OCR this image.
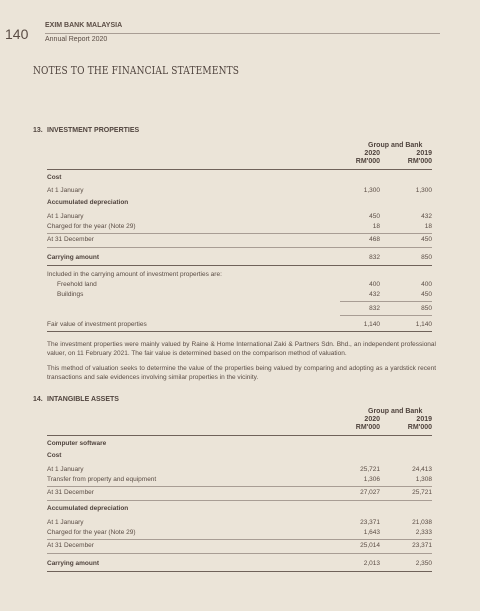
140
EXIM BANK MALAYSIA
Annual Report 2020
NOTES TO THE FINANCIAL STATEMENTS
13. INVESTMENT PROPERTIES
Group and Bank
2020	2019
RM'000	RM'000
Cost
At 1 January	1,300	1,300
Accumulated depreciation
At 1 January	450	432
Charged for the year (Note 29)	18	18
At 31 December	468	450
Carrying amount	832	850
Included in the carrying amount of investment properties are:
Freehold land	400	400
Buildings	432	450
832	850
Fair value of investment properties	1,140	1,140
The investment properties were mainly valued by Raine & Home International Zaki & Partners Sdn. Bhd., an independent professional valuer, on 11 February 2021. The fair value is determined based on the comparison method of valuation.
This method of valuation seeks to determine the value of the properties being valued by comparing and adopting as a yardstick recent transactions and sale evidences involving similar properties in the vicinity.
14. INTANGIBLE ASSETS
Group and Bank
2020	2019
RM'000	RM'000
Computer software
Cost
At 1 January	25,721	24,413
Transfer from property and equipment	1,306	1,308
At 31 December	27,027	25,721
Accumulated depreciation
At 1 January	23,371	21,038
Charged for the year (Note 29)	1,643	2,333
At 31 December	25,014	23,371
Carrying amount	2,013	2,350
